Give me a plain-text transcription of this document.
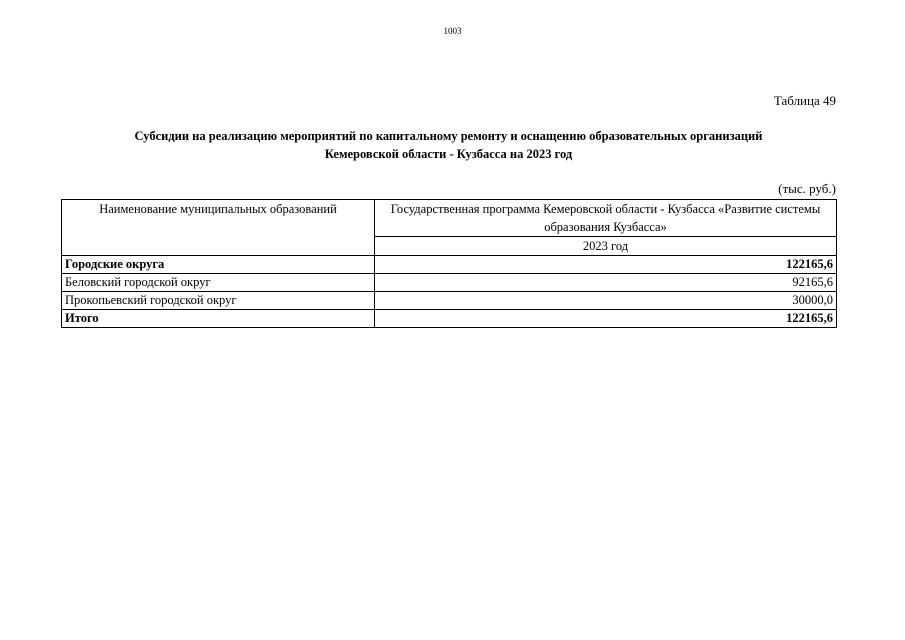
1003
Таблица 49
Субсидии на реализацию мероприятий по капитальному ремонту и оснащению образовательных организаций
Кемеровской области - Кузбасса на 2023 год
(тыс. руб.)
Наименование муниципальных образований	Государственная программа Кемеровской области - Кузбасса «Развитие системы образования Кузбасса»
	2023 год
Городские округа	122165,6
Беловский городской округ	92165,6
Прокопьевский городской округ	30000,0
Итого	122165,6
